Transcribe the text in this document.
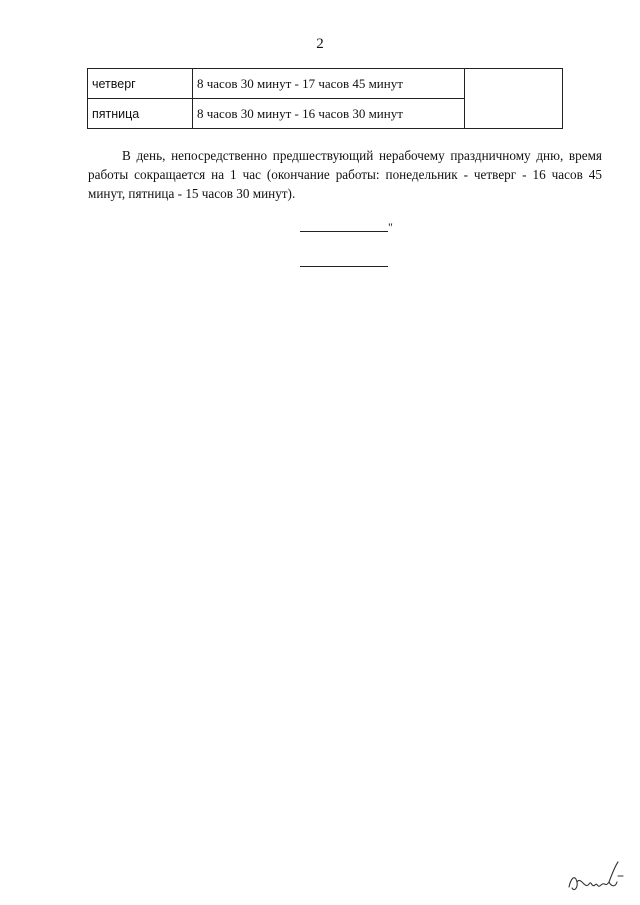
2
четверг	8 часов 30 минут - 17 часов 45 минут	
пятница	8 часов 30 минут - 16 часов 30 минут	

В день, непосредственно предшествующий нерабочему праздничному дню, время работы сокращается на 1 час (окончание работы: понедельник - четверг - 16 часов 45 минут, пятница - 15 часов 30 минут).

"
